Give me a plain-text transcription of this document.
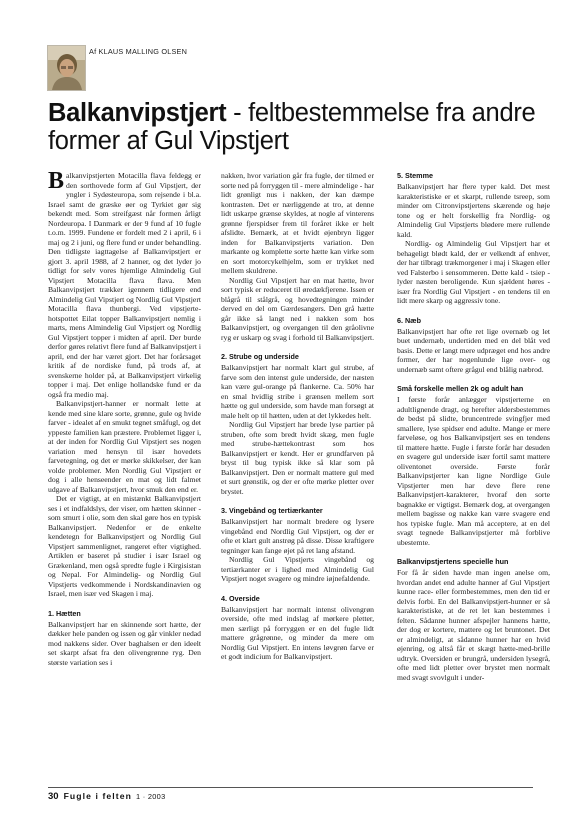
Af KLAUS MALLING OLSEN
Balkanvipstjert - feltbestemmelse fra andre former af Gul Vipstjert

Balkanvipstjerten Motacilla flava feldegg er den sorthovede form af Gul Vipstjert, der yngler i Sydøsteuropa, som rejsende i bl.a. Israel samt de græske øer og Tyrkiet gør sig bekendt med. Som streifgæst når formen årligt Nordeuropa. I Danmark er der 9 fund af 10 fugle t.o.m. 1999. Fundene er fordelt med 2 i april, 6 i maj og 2 i juni, og flere fund er under behandling. Den tidligste iagttagelse af Balkanvipstjert er gjort 3. april 1988, af 2 hanner, og det lyder jo tidligt for selv vores hjemlige Almindelig Gul Vipstjert Motacilla flava flava. Men Balkanvipstjert trækker igennem tidligere end Almindelig Gul Vipstjert og Nordlig Gul Vipstjert Motacilla flava thunbergi. Ved vipstjerte-hotspottet Eilat topper Balkanvipstjert nemlig i marts, mens Almindelig Gul Vipstjert og Nordlig Gul Vipstjert topper i midten af april. Der burde derfor gøres relativt flere fund af Balkanvipstjert i april, end der har været gjort. Det har forårsaget kritik af de nordiske fund, på trods af, at svenskerne holder på, at Balkanvipstjert virkelig topper i maj. Det enlige hollandske fund er da også fra medio maj.

Balkanvipstjert-hanner er normalt lette at kende med sine klare sorte, grønne, gule og hvide farver - idealet af en smukt tegnet småfugl, og det yppeste familien kan præstere. Problemet ligger i, at der inden for Nordlig Gul Vipstjert ses nogen variation med hensyn til især hovedets farvetegning, og det er mørke skikkelser, der kan volde problemer. Men Nordlig Gul Vipstjert er dog i alle henseender en mat og lidt falmet udgave af Balkanvipstjert, hvor smuk den end er.

Det er vigtigt, at en mistænkt Balkanvipstjert ses i et indfaldslys, der viser, om hætten skinner - som smurt i olie, som den skal gøre hos en typisk Balkanvipstjert. Nedenfor er de enkelte kendetegn for Balkanvipstjert og Nordlig Gul Vipstjert sammenlignet, rangeret efter vigtighed. Artiklen er baseret på studier i især Israel og Grækenland, men også spredte fugle i Kirgisistan og Nepal. For Almindelig- og Nordlig Gul Vipstjerts vedkommende i Nordskandinavien og Israel, men især ved Skagen i maj.

1. Hætten

Balkanvipstjert har en skinnende sort hætte, der dækker hele panden og issen og går vinkler nedad mod nakkens sider. Over baghalsen er den ideelt set skarpt afsat fra den olivengrønne ryg. Den største variation ses i

nakken, hvor variation går fra fugle, der tilmed er sorte ned på forryggen til - mere almindelige - har lidt grønligt nus i nakken, der kan dæmpe kontrasten. Det er nærliggende at tro, at denne lidt uskarpe grænse skyldes, at nogle af vinterens grønne fjerspidser frem til foråret ikke er helt afslidte. Bemærk, at et hvidt øjenbryn ligger inden for Balkanvipstjerts variation. Den markante og komplette sorte hætte kan virke som en sort motorcykelhjelm, som er trykket ned mellem skuldrene.

Nordlig Gul Vipstjert har en mat hætte, hvor sort typisk er reduceret til øredækfjerene. Issen er blågrå til stålgrå, og hovedtegningen minder derved en del om Gærdesangers. Den grå hætte går ikke så langt ned i nakken som hos Balkanvipstjert, og overgangen til den gråolivne ryg er uskarp og svag i forhold til Balkanvipstjert.

2. Strube og underside

Balkanvipstjert har normalt klart gul strube, af farve som den intenst gule underside, der næsten kan være gul-orange på flankerne. Ca. 50% har en smal hvidlig stribe i grænsen mellem sort hætte og gul underside, som havde man forsøgt at male helt op til hætten, uden at det lykkedes helt.

Nordlig Gul Vipstjert har brede lyse partier på struben, ofte som bredt hvidt skæg, men fugle med strube-hættekontrast som hos Balkanvipstjert er kendt. Her er grundfarven på bryst til bug typisk ikke så klar som på Balkanvipstjert. Den er normalt mattere gul med et surt grønstik, og der er ofte mørke pletter over brystet.

3. Vingebånd og tertiærkanter

Balkanvipstjert har normalt bredere og lysere vingebånd end Nordlig Gul Vipstjert, og der er ofte et klart gult anstrøg på disse. Disse kraftigere tegninger kan fange øjet på ret lang afstand.

Nordlig Gul Vipstjerts vingebånd og tertiærkanter er i lighed med Almindelig Gul Vipstjert noget svagere og mindre iøjnefaldende.

4. Overside

Balkanvipstjert har normalt intenst olivengrøn overside, ofte med indslag af mørkere pletter, men særligt på forryggen er en del fugle lidt mattere grågrønne, og minder da mere om Nordlig Gul Vipstjert. En intens løvgrøn farve er et godt indicium for Balkanvipstjert.

5. Stemme

Balkanvipstjert har flere typer kald. Det mest karakteristiske er et skarpt, rullende tsreep, som minder om Citronvipstjertens skærende og høje tone og er helt forskellig fra Nordlig- og Almindelig Gul Vipstjerts blødere mere rullende kald.

Nordlig- og Almindelig Gul Vipstjert har et behageligt blødt kald, der er velkendt af enhver, der har tilbragt trækmorgener i maj i Skagen eller ved Falsterbo i sensommeren. Dette kald - tsiep - lyder næsten beroligende. Kun sjældent høres - især fra Nordlig Gul Vipstjert - en tendens til en lidt mere skarp og aggressiv tone.

6. Næb

Balkanvipstjert har ofte ret lige overnæb og let buet undernæb, undertiden med en del blåt ved basis. Dette er langt mere udpræget end hos andre former, der har nogenlunde lige over- og undernæb samt oftere grågul end blålig næbrod.

Små forskelle mellen 2k og adult han

I første forår anlægger vipstjerterne en adultlignende dragt, og herefter aldersbestemmes de bedst på slidte, bruncentrede svingfjer med smallere, lyse spidser end adulte. Mange er mere farveløse, og hos Balkanvipstjert ses en tendens til mattere hætte. Fugle i første forår har desuden en svagere gul underside især fortil samt mattere oliventonet overside. Første forår Balkanvipstjerter kan ligne Nordlige Gule Vipstjerter men har deve flere rene Balkanvipstjert-karakterer, hvoraf den sorte bagnakke er vigtigst. Bemærk dog, at overgangen mellem bagisse og nakke kan være svagere end hos typiske fugle. Man må acceptere, at en del svagt tegnede Balkanvipstjerter må forblive ubestemte.

Balkanvipstjertens specielle hun

For få år siden havde man ingen anelse om, hvordan andet end adulte hanner af Gul Vipstjert kunne race- eller formbestemmes, men den tid er delvis forbi. En del Balkanvipstjert-hunner er så karakteristiske, at de ret let kan bestemmes i felten. Sådanne hunner afspejler hannens hætte, der dog er kortere, mattere og let bruntonet. Det er almindeligt, at sådanne hunner har en hvid øjenring, og altså får et skægt hætte-med-brille udtryk. Oversiden er brungrå, undersiden lysegrå, ofte med lidt pletter over brystet men normalt med svagt svovlgult i under-

30 Fugle i felten 1 · 2003
